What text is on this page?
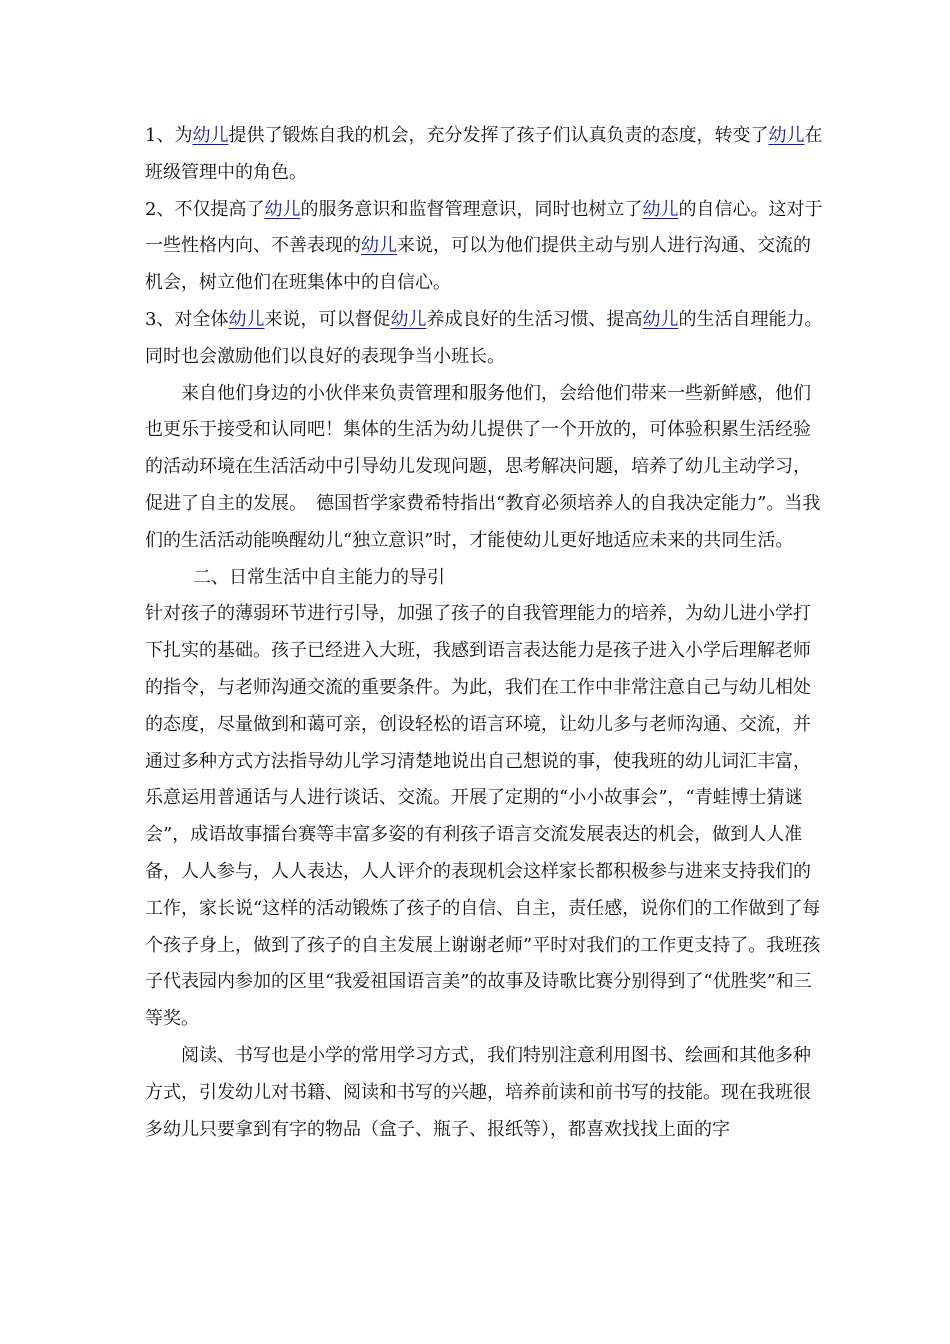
1、为幼儿提供了锻炼自我的机会，充分发挥了孩子们认真负责的态度，转变了幼儿在班级管理中的角色。
2、不仅提高了幼儿的服务意识和监督管理意识，同时也树立了幼儿的自信心。这对于一些性格内向、不善表现的幼儿来说，可以为他们提供主动与别人进行沟通、交流的机会，树立他们在班集体中的自信心。
3、对全体幼儿来说，可以督促幼儿养成良好的生活习惯、提高幼儿的生活自理能力。同时也会激励他们以良好的表现争当小班长。
来自他们身边的小伙伴来负责管理和服务他们，会给他们带来一些新鲜感，他们也更乐于接受和认同吧！集体的生活为幼儿提供了一个开放的，可体验积累生活经验的活动环境在生活活动中引导幼儿发现问题，思考解决问题，培养了幼儿主动学习，促进了自主的发展。　德国哲学家费希特指出“教育必须培养人的自我决定能力”。当我们的生活活动能唤醒幼儿“独立意识”时，才能使幼儿更好地适应未来的共同生活。
二、日常生活中自主能力的导引
针对孩子的薄弱环节进行引导，加强了孩子的自我管理能力的培养，为幼儿进小学打下扎实的基础。孩子已经进入大班，我感到语言表达能力是孩子进入小学后理解老师的指令，与老师沟通交流的重要条件。为此，我们在工作中非常注意自己与幼儿相处的态度，尽量做到和蔼可亲，创设轻松的语言环境，让幼儿多与老师沟通、交流，并通过多种方式方法指导幼儿学习清楚地说出自己想说的事，使我班的幼儿词汇丰富，乐意运用普通话与人进行谈话、交流。开展了定期的“小小故事会”，“青蛙博士猜谜会”，成语故事擂台赛等丰富多姿的有利孩子语言交流发展表达的机会，做到人人准备，人人参与，人人表达，人人评介的表现机会这样家长都积极参与进来支持我们的工作，家长说“这样的活动锻炼了孩子的自信、自主，责任感，说你们的工作做到了每个孩子身上，做到了孩子的自主发展上谢谢老师”平时对我们的工作更支持了。我班孩子代表园内参加的区里“我爱祖国语言美”的故事及诗歌比赛分别得到了“优胜奖”和三等奖。
阅读、书写也是小学的常用学习方式，我们特别注意利用图书、绘画和其他多种方式，引发幼儿对书籍、阅读和书写的兴趣，培养前读和前书写的技能。现在我班很多幼儿只要拿到有字的物品（盒子、瓶子、报纸等），都喜欢找找上面的字
